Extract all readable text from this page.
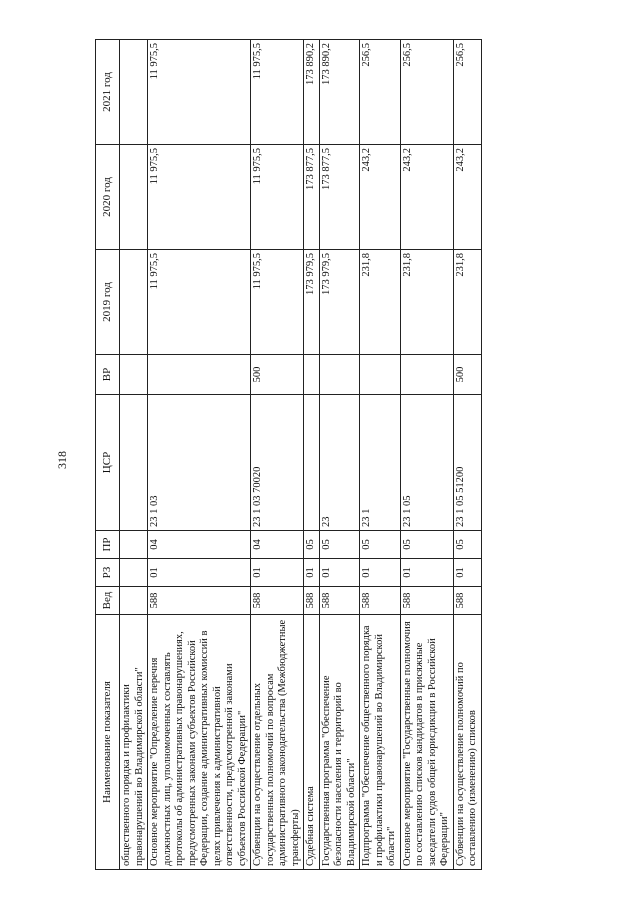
318
Наименование показателя	Вед	РЗ	ПР	ЦСР	ВР	2019 год	2020 год	2021 год
общественного порядка и профилактики правонарушений во Владимирской области"								
Основное мероприятие "Определение перечня должностных лиц, уполномоченных составлять протоколы об административных правонарушениях, предусмотренных законами субъектов Российской Федерации, создание административных комиссий в целях привлечения к административной ответственности, предусмотренной законами субъектов Российской Федерации"	588	01	04	23 1 03		11 975,5	11 975,5	11 975,5
Субвенции на осуществление отдельных государственных полномочий по вопросам административного законодательства (Межбюджетные трансферты)	588	01	04	23 1 03 70020	500	11 975,5	11 975,5	11 975,5
Судебная система	588	01	05			173 979,5	173 877,5	173 890,2
Государственная программа "Обеспечение безопасности населения и территорий во Владимирской области"	588	01	05	23		173 979,5	173 877,5	173 890,2
Подпрограмма "Обеспечение общественного порядка и профилактики правонарушений во Владимирской области"	588	01	05	23 1		231,8	243,2	256,5
Основное мероприятие "Государственные полномочия по составлению списков кандидатов в присяжные заседатели судов общей юрисдикции в Российской Федерации"	588	01	05	23 1 05		231,8	243,2	256,5
Субвенции на осуществление полномочий по составлению (изменению) списков	588	01	05	23 1 05 51200	500	231,8	243,2	256,5
